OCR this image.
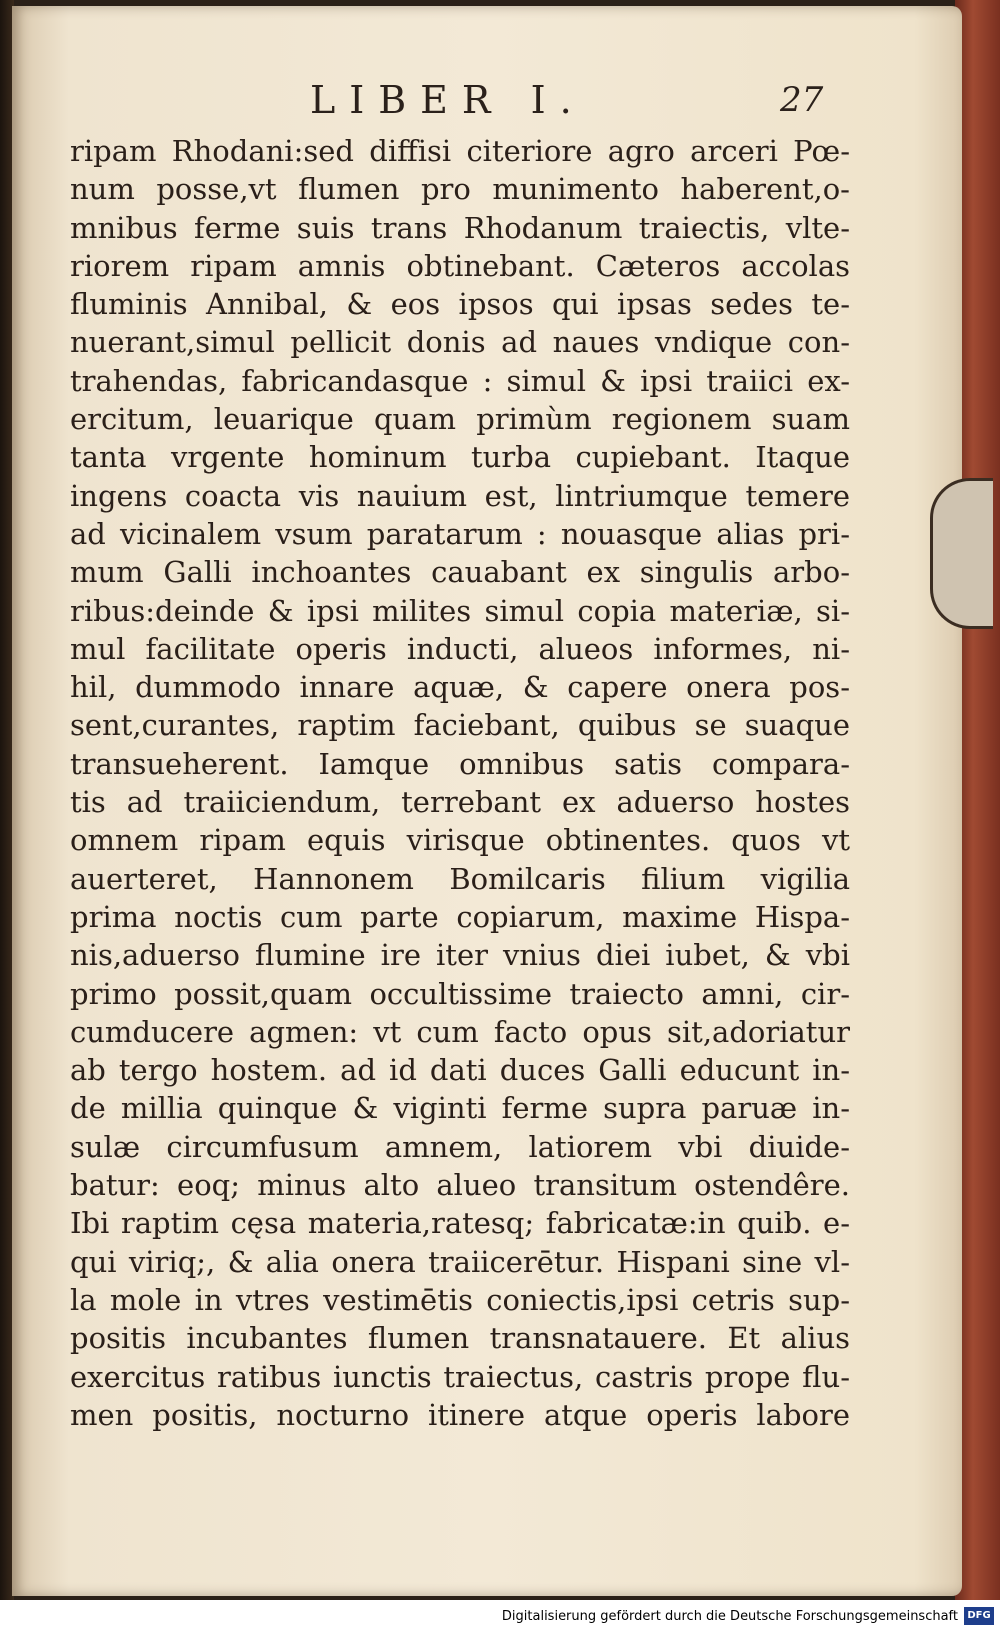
LIBER I.	27
ripam Rhodani:sed diffisi citeriore agro arceri Pœ-
num posse,vt flumen pro munimento haberent,o-
mnibus ferme suis trans Rhodanum traiectis, vlte-
riorem ripam amnis obtinebant. Cæteros accolas
fluminis Annibal, & eos ipsos qui ipsas sedes te-
nuerant,simul pellicit donis ad naues vndique con-
trahendas, fabricandasque : simul & ipsi traiici ex-
ercitum, leuarique quam primùm regionem suam
tanta vrgente hominum turba cupiebant. Itaque
ingens coacta vis nauium est, lintriumque temere
ad vicinalem vsum paratarum : nouasque alias pri-
mum Galli inchoantes cauabant ex singulis arbo-
ribus:deinde & ipsi milites simul copia materiæ, si-
mul facilitate operis inducti, alueos informes, ni-
hil, dummodo innare aquæ, & capere onera pos-
sent,curantes, raptim faciebant, quibus se suaque
transueherent. Iamque omnibus satis compara-
tis ad traiiciendum, terrebant ex aduerso hostes
omnem ripam equis virisque obtinentes. quos vt
auerteret, Hannonem Bomilcaris filium vigilia
prima noctis cum parte copiarum, maxime Hispa-
nis,aduerso flumine ire iter vnius diei iubet, & vbi
primo possit,quam occultissime traiecto amni, cir-
cumducere agmen: vt cum facto opus sit,adoriatur
ab tergo hostem. ad id dati duces Galli educunt in-
de millia quinque & viginti ferme supra paruæ in-
sulæ circumfusum amnem, latiorem vbi diuide-
batur: eoq; minus alto alueo transitum ostendêre.
Ibi raptim cęsa materia,ratesq; fabricatæ:in quib. e-
qui viriq;, & alia onera traiicerētur. Hispani sine vl-
la mole in vtres vestimētis coniectis,ipsi cetris sup-
positis incubantes flumen transnatauere. Et alius
exercitus ratibus iunctis traiectus, castris prope flu-
men positis, nocturno itinere atque operis labore
Digitalisierung gefördert durch die Deutsche Forschungsgemeinschaft DFG
